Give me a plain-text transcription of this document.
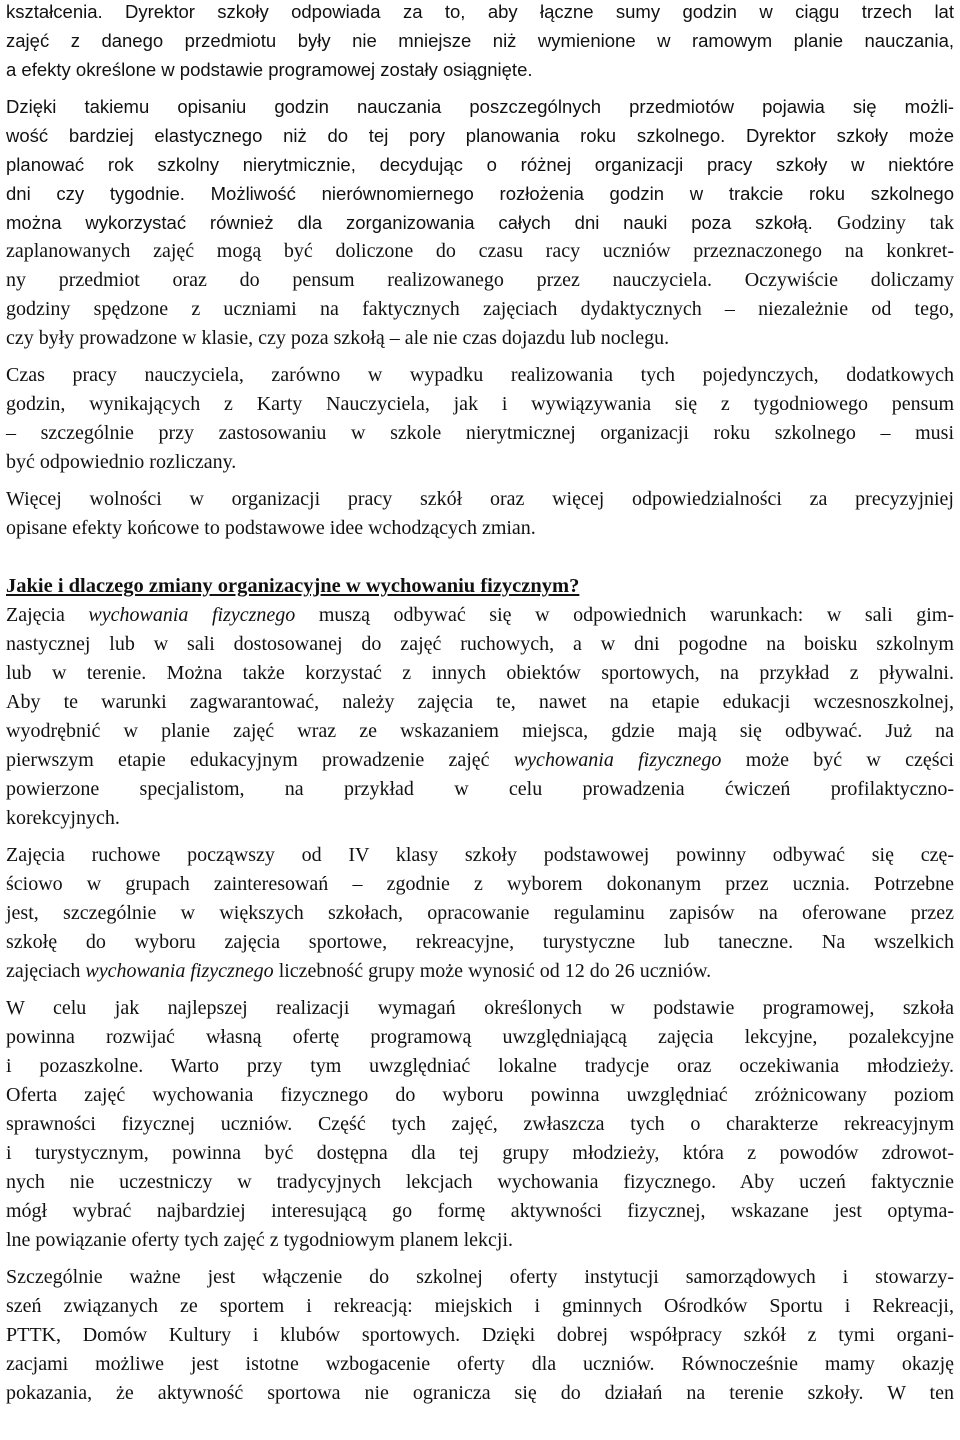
kształcenia. Dyrektor szkoły odpowiada za to, aby łączne sumy godzin w ciągu trzech lat
zajęć z danego przedmiotu były nie mniejsze niż wymienione w ramowym planie nauczania,
a efekty określone w podstawie programowej zostały osiągnięte.
Dzięki takiemu opisaniu godzin nauczania poszczególnych przedmiotów pojawia się możli-
wość bardziej elastycznego niż do tej pory planowania roku szkolnego. Dyrektor szkoły może
planować rok szkolny nierytmicznie, decydując o różnej organizacji pracy szkoły w niektóre
dni czy tygodnie. Możliwość nierównomiernego rozłożenia godzin w trakcie roku szkolnego
można wykorzystać również dla zorganizowania całych dni nauki poza szkołą. Godziny tak
zaplanowanych zajęć mogą być doliczone do czasu racy uczniów przeznaczonego na konkret-
ny przedmiot oraz do pensum realizowanego przez nauczyciela. Oczywiście doliczamy
godziny spędzone z uczniami na faktycznych zajęciach dydaktycznych – niezależnie od tego,
czy były prowadzone w klasie, czy poza szkołą – ale nie czas dojazdu lub noclegu.
Czas pracy nauczyciela, zarówno w wypadku realizowania tych pojedynczych, dodatkowych
godzin, wynikających z Karty Nauczyciela, jak i wywiązywania się z tygodniowego pensum
– szczególnie przy zastosowaniu w szkole nierytmicznej organizacji roku szkolnego – musi
być odpowiednio rozliczany.
Więcej wolności w organizacji pracy szkół oraz więcej odpowiedzialności za precyzyjniej
opisane efekty końcowe to podstawowe idee wchodzących zmian.
Jakie i dlaczego zmiany organizacyjne w wychowaniu fizycznym?
Zajęcia wychowania fizycznego muszą odbywać się w odpowiednich warunkach: w sali gim-
nastycznej lub w sali dostosowanej do zajęć ruchowych, a w dni pogodne na boisku szkolnym
lub w terenie. Można także korzystać z innych obiektów sportowych, na przykład z pływalni.
Aby te warunki zagwarantować, należy zajęcia te, nawet na etapie edukacji wczesnoszkolnej,
wyodrębnić w planie zajęć wraz ze wskazaniem miejsca, gdzie mają się odbywać. Już na
pierwszym etapie edukacyjnym prowadzenie zajęć wychowania fizycznego może być w części
powierzone specjalistom, na przykład w celu prowadzenia ćwiczeń profilaktyczno-
korekcyjnych.
Zajęcia ruchowe począwszy od IV klasy szkoły podstawowej powinny odbywać się czę-
ściowo w grupach zainteresowań – zgodnie z wyborem dokonanym przez ucznia. Potrzebne
jest, szczególnie w większych szkołach, opracowanie regulaminu zapisów na oferowane przez
szkołę do wyboru zajęcia sportowe, rekreacyjne, turystyczne lub taneczne. Na wszelkich
zajęciach wychowania fizycznego liczebność grupy może wynosić od 12 do 26 uczniów.
W celu jak najlepszej realizacji wymagań określonych w podstawie programowej, szkoła
powinna rozwijać własną ofertę programową uwzględniającą zajęcia lekcyjne, pozalekcyjne
i pozaszkolne. Warto przy tym uwzględniać lokalne tradycje oraz oczekiwania młodzieży.
Oferta zajęć wychowania fizycznego do wyboru powinna uwzględniać zróżnicowany poziom
sprawności fizycznej uczniów. Część tych zajęć, zwłaszcza tych o charakterze rekreacyjnym
i turystycznym, powinna być dostępna dla tej grupy młodzieży, która z powodów zdrowot-
nych nie uczestniczy w tradycyjnych lekcjach wychowania fizycznego. Aby uczeń faktycznie
mógł wybrać najbardziej interesującą go formę aktywności fizycznej, wskazane jest optyma-
lne powiązanie oferty tych zajęć z tygodniowym planem lekcji.
Szczególnie ważne jest włączenie do szkolnej oferty instytucji samorządowych i stowarzy-
szeń związanych ze sportem i rekreacją: miejskich i gminnych Ośrodków Sportu i Rekreacji,
PTTK, Domów Kultury i klubów sportowych. Dzięki dobrej współpracy szkół z tymi organi-
zacjami możliwe jest istotne wzbogacenie oferty dla uczniów. Równocześnie mamy okazję
pokazania, że aktywność sportowa nie ogranicza się do działań na terenie szkoły. W ten
